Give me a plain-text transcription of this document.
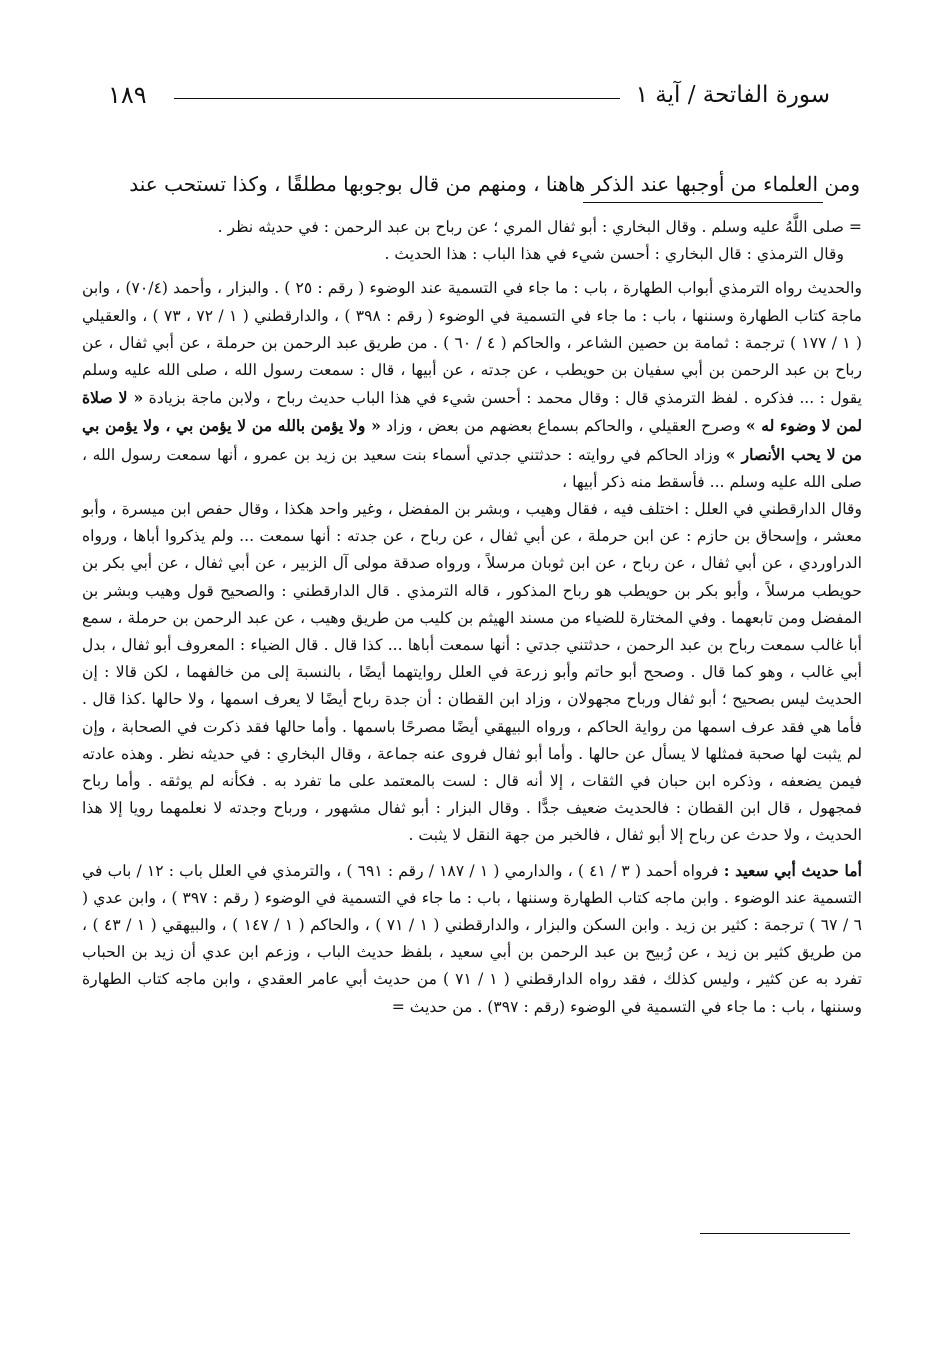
١٨٩	سورة الفاتحة / آية ١

ومن العلماء من أوجبها عند الذكر هاهنا ، ومنهم من قال بوجوبها مطلقًا ، وكذا تستحب عند

= صلى اللَّهُ عليه وسلم . وقال البخاري : أبو ثفال المري ؛ عن رباح بن عبد الرحمن : في حديثه نظر .

وقال الترمذي : قال البخاري : أحسن شيء في هذا الباب : هذا الحديث .

والحديث رواه الترمذي أبواب الطهارة ، باب : ما جاء في التسمية عند الوضوء ( رقم : ٢٥ ) . والبزار ، وأحمد (٧٠/٤) ، وابن ماجة كتاب الطهارة وسننها ، باب : ما جاء في التسمية في الوضوء ( رقم : ٣٩٨ ) ، والدارقطني ( ١ / ٧٢ ، ٧٣ ) ، والعقيلي ( ١ / ١٧٧ ) ترجمة : ثمامة بن حصين الشاعر ، والحاكم ( ٤ / ٦٠ ) . من طريق عبد الرحمن بن حرملة ، عن أبي ثفال ، عن رباح بن عبد الرحمن بن أبي سفيان بن حويطب ، عن جدته ، عن أبيها ، قال : سمعت رسول الله ، صلى الله عليه وسلم يقول : ... فذكره . لفظ الترمذي قال : وقال محمد : أحسن شيء في هذا الباب حديث رباح ، ولابن ماجة بزيادة « لا صلاة لمن لا وضوء له » وصرح العقيلي ، والحاكم بسماع بعضهم من بعض ، وزاد « ولا يؤمن بالله من لا يؤمن بي ، ولا يؤمن بي من لا يحب الأنصار » وزاد الحاكم في روايته : حدثتني جدتي أسماء بنت سعيد بن زيد بن عمرو ، أنها سمعت رسول الله ، صلى الله عليه وسلم ... فأسقط منه ذكر أبيها ،

وقال الدارقطني في العلل : اختلف فيه ، فقال وهيب ، وبشر بن المفضل ، وغير واحد هكذا ، وقال حفص ابن ميسرة ، وأبو معشر ، وإسحاق بن حازم : عن ابن حرملة ، عن أبي ثفال ، عن رباح ، عن جدته : أنها سمعت ... ولم يذكروا أباها ، ورواه الدراوردي ، عن أبي ثفال ، عن رباح ، عن ابن ثوبان مرسلاً ، ورواه صدقة مولى آل الزبير ، عن أبي ثفال ، عن أبي بكر بن حويطب مرسلاً ، وأبو بكر بن حويطب هو رباح المذكور ، قاله الترمذي . قال الدارقطني : والصحيح قول وهيب وبشر بن المفضل ومن تابعهما . وفي المختارة للضياء من مسند الهيثم بن كليب من طريق وهيب ، عن عبد الرحمن بن حرملة ، سمع أبا غالب سمعت رباح بن عبد الرحمن ، حدثتني جدتي : أنها سمعت أباها ... كذا قال . قال الضياء : المعروف أبو ثفال ، بدل أبي غالب ، وهو كما قال . وصحح أبو حاتم وأبو زرعة في العلل روايتهما أيضًا ، بالنسبة إلى من خالفهما ، لكن قالا : إن الحديث ليس بصحيح ؛ أبو ثفال ورباح مجهولان ، وزاد ابن القطان : أن جدة رباح أيضًا لا يعرف اسمها ، ولا حالها .كذا قال . فأما هي فقد عرف اسمها من رواية الحاكم ، ورواه البيهقي أيضًا مصرحًا باسمها . وأما حالها فقد ذكرت في الصحابة ، وإن لم يثبت لها صحبة فمثلها لا يسأل عن حالها . وأما أبو ثفال فروى عنه جماعة ، وقال البخاري : في حديثه نظر . وهذه عادته فيمن يضعفه ، وذكره ابن حبان في الثقات ، إلا أنه قال : لست بالمعتمد على ما تفرد به . فكأنه لم يوثقه . وأما رباح فمجهول ، قال ابن القطان : فالحديث ضعيف جدًّا . وقال البزار : أبو ثفال مشهور ، ورباح وجدته لا نعلمهما رويا إلا هذا الحديث ، ولا حدث عن رباح إلا أبو ثفال ، فالخبر من جهة النقل لا يثبت .

أما حديث أبي سعيد : فرواه أحمد ( ٣ / ٤١ ) ، والدارمي ( ١ / ١٨٧ / رقم : ٦٩١ ) ، والترمذي في العلل باب : ١٢ / باب في التسمية عند الوضوء . وابن ماجه كتاب الطهارة وسننها ، باب : ما جاء في التسمية في الوضوء ( رقم : ٣٩٧ ) ، وابن عدي ( ٦ / ٦٧ ) ترجمة : كثير بن زيد . وابن السكن والبزار ، والدارقطني ( ١ / ٧١ ) ، والحاكم ( ١ / ١٤٧ ) ، والبيهقي ( ١ / ٤٣ ) ، من طريق كثير بن زيد ، عن رُبيح بن عبد الرحمن بن أبي سعيد ، بلفظ حديث الباب ، وزعم ابن عدي أن زيد بن الحباب تفرد به عن كثير ، وليس كذلك ، فقد رواه الدارقطني ( ١ / ٧١ ) من حديث أبي عامر العقدي ، وابن ماجه كتاب الطهارة وسننها ، باب : ما جاء في التسمية في الوضوء (رقم : ٣٩٧) . من حديث =
